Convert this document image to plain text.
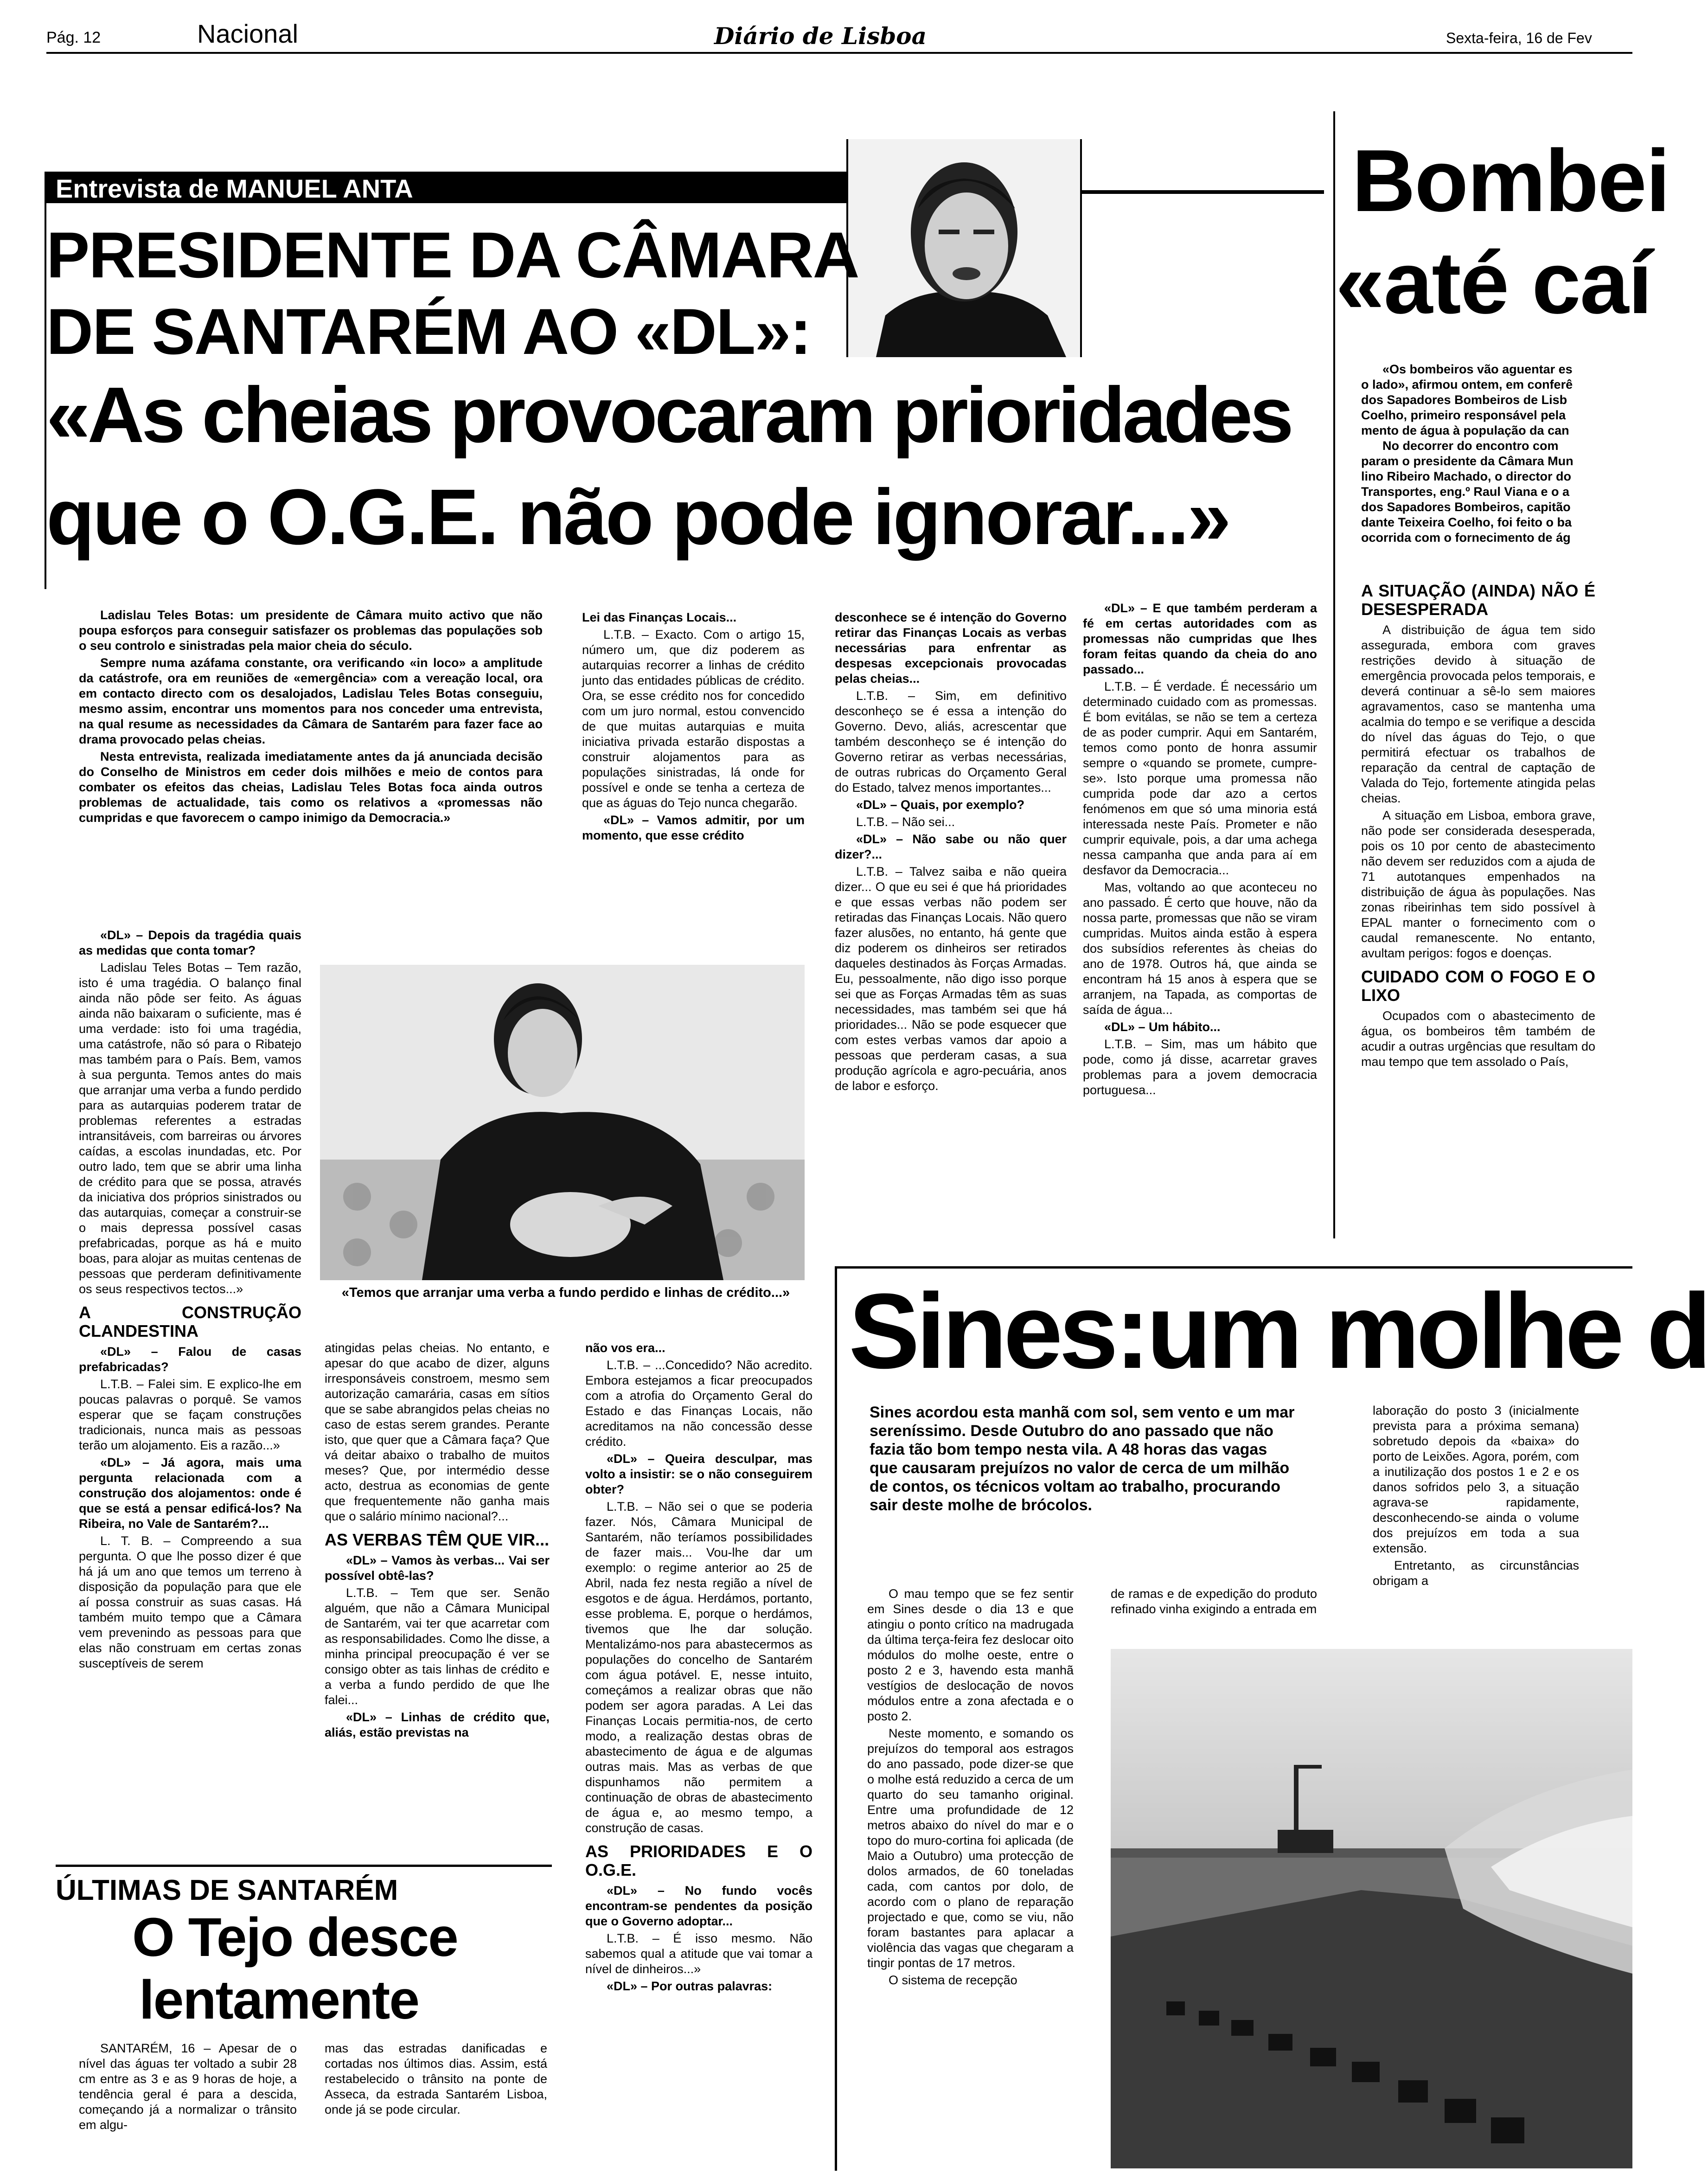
Pág. 12	Nacional	Diário de Lisboa	Sexta-feira, 16 de Fev
Entrevista de MANUEL ANTA
PRESIDENTE DA CÂMARA
DE SANTARÉM AO «DL»:
«As cheias provocaram prioridades
que o O.G.E. não pode ignorar...»

Ladislau Teles Botas: um presidente de Câmara muito activo que não poupa esforços para conseguir satisfazer os problemas das populações sob o seu controlo e sinistradas pela maior cheia do século.

Sempre numa azáfama constante, ora verificando «in loco» a amplitude da catástrofe, ora em reuniões de «emergência» com a vereação local, ora em contacto directo com os desalojados, Ladislau Teles Botas conseguiu, mesmo assim, encontrar uns momentos para nos conceder uma entrevista, na qual resume as necessidades da Câmara de Santarém para fazer face ao drama provocado pelas cheias.

Nesta entrevista, realizada imediatamente antes da já anunciada decisão do Conselho de Ministros em ceder dois milhões e meio de contos para combater os efeitos das cheias, Ladislau Teles Botas foca ainda outros problemas de actualidade, tais como os relativos a «promessas não cumpridas e que favorecem o campo inimigo da Democracia.»

«DL» – Depois da tragédia quais as medidas que conta tomar?

Ladislau Teles Botas – Tem razão, isto é uma tragédia. O balanço final ainda não pôde ser feito. As águas ainda não baixaram o suficiente, mas é uma verdade: isto foi uma tragédia, uma catástrofe, não só para o Ribatejo mas também para o País. Bem, vamos à sua pergunta. Temos antes do mais que arranjar uma verba a fundo perdido para as autarquias poderem tratar de problemas referentes a estradas intransitáveis, com barreiras ou árvores caídas, a escolas inundadas, etc. Por outro lado, tem que se abrir uma linha de crédito para que se possa, através da iniciativa dos próprios sinistrados ou das autarquias, começar a construir-se o mais depressa possível casas prefabricadas, porque as há e muito boas, para alojar as muitas centenas de pessoas que perderam definitivamente os seus respectivos tectos...»

A CONSTRUÇÃO CLANDESTINA

«DL» – Falou de casas prefabricadas?

L.T.B. – Falei sim. E explico-lhe em poucas palavras o porquê. Se vamos esperar que se façam construções tradicionais, nunca mais as pessoas terão um alojamento. Eis a razão...»

«DL» – Já agora, mais uma pergunta relacionada com a construção dos alojamentos: onde é que se está a pensar edificá-los? Na Ribeira, no Vale de Santarém?...

L. T. B. – Compreendo a sua pergunta. O que lhe posso dizer é que há já um ano que temos um terreno à disposição da população para que ele aí possa construir as suas casas. Há também muito tempo que a Câmara vem prevenindo as pessoas para que elas não construam em certas zonas susceptíveis de serem

Lei das Finanças Locais...

L.T.B. – Exacto. Com o artigo 15, número um, que diz poderem as autarquias recorrer a linhas de crédito junto das entidades públicas de crédito. Ora, se esse crédito nos for concedido com um juro normal, estou convencido de que muitas autarquias e muita iniciativa privada estarão dispostas a construir alojamentos para as populações sinistradas, lá onde for possível e onde se tenha a certeza de que as águas do Tejo nunca chegarão.

«DL» – Vamos admitir, por um momento, que esse crédito

desconhece se é intenção do Governo retirar das Finanças Locais as verbas necessárias para enfrentar as despesas excepcionais provocadas pelas cheias...

L.T.B. – Sim, em definitivo desconheço se é essa a intenção do Governo. Devo, aliás, acrescentar que também desconheço se é intenção do Governo retirar as verbas necessárias, de outras rubricas do Orçamento Geral do Estado, talvez menos importantes...

«DL» – Quais, por exemplo?

L.T.B. – Não sei...

«DL» – Não sabe ou não quer dizer?...

L.T.B. – Talvez saiba e não queira dizer... O que eu sei é que há prioridades e que essas verbas não podem ser retiradas das Finanças Locais. Não quero fazer alusões, no entanto, há gente que diz poderem os dinheiros ser retirados daqueles destinados às Forças Armadas. Eu, pessoalmente, não digo isso porque sei que as Forças Armadas têm as suas necessidades, mas também sei que há prioridades... Não se pode esquecer que com estes verbas vamos dar apoio a pessoas que perderam casas, a sua produção agrícola e agro-pecuária, anos de labor e esforço.

«DL» – E que também perderam a fé em certas autoridades com as promessas não cumpridas que lhes foram feitas quando da cheia do ano passado...

L.T.B. – É verdade. É necessário um determinado cuidado com as promessas. É bom evitálas, se não se tem a certeza de as poder cumprir. Aqui em Santarém, temos como ponto de honra assumir sempre o «quando se promete, cumpre-se». Isto porque uma promessa não cumprida pode dar azo a certos fenómenos em que só uma minoria está interessada neste País. Prometer e não cumprir equivale, pois, a dar uma achega nessa campanha que anda para aí em desfavor da Democracia...

Mas, voltando ao que aconteceu no ano passado. É certo que houve, não da nossa parte, promessas que não se viram cumpridas. Muitos ainda estão à espera dos subsídios referentes às cheias do ano de 1978. Outros há, que ainda se encontram há 15 anos à espera que se arranjem, na Tapada, as comportas de saída de água...

«DL» – Um hábito...

L.T.B. – Sim, mas um hábito que pode, como já disse, acarretar graves problemas para a jovem democracia portuguesa...

«Temos que arranjar uma verba a fundo perdido e linhas de crédito...»

atingidas pelas cheias. No entanto, e apesar do que acabo de dizer, alguns irresponsáveis constroem, mesmo sem autorização camarária, casas em sítios que se sabe abrangidos pelas cheias no caso de estas serem grandes. Perante isto, que quer que a Câmara faça? Que vá deitar abaixo o trabalho de muitos meses? Que, por intermédio desse acto, destrua as economias de gente que frequentemente não ganha mais que o salário mínimo nacional?...

AS VERBAS TÊM QUE VIR...

«DL» – Vamos às verbas... Vai ser possível obtê-las?

L.T.B. – Tem que ser. Senão alguém, que não a Câmara Municipal de Santarém, vai ter que acarretar com as responsabilidades. Como lhe disse, a minha principal preocupação é ver se consigo obter as tais linhas de crédito e a verba a fundo perdido de que lhe falei...

«DL» – Linhas de crédito que, aliás, estão previstas na

não vos era...

L.T.B. – ...Concedido? Não acredito. Embora estejamos a ficar preocupados com a atrofia do Orçamento Geral do Estado e das Finanças Locais, não acreditamos na não concessão desse crédito.

«DL» – Queira desculpar, mas volto a insistir: se o não conseguirem obter?

L.T.B. – Não sei o que se poderia fazer. Nós, Câmara Municipal de Santarém, não teríamos possibilidades de fazer mais... Vou-lhe dar um exemplo: o regime anterior ao 25 de Abril, nada fez nesta região a nível de esgotos e de água. Herdámos, portanto, esse problema. E, porque o herdámos, tivemos que lhe dar solução. Mentalizámo-nos para abastecermos as populações do concelho de Santarém com água potável. E, nesse intuito, começámos a realizar obras que não podem ser agora paradas. A Lei das Finanças Locais permitia-nos, de certo modo, a realização destas obras de abastecimento de água e de algumas outras mais. Mas as verbas de que dispunhamos não permitem a continuação de obras de abastecimento de água e, ao mesmo tempo, a construção de casas.

AS PRIORIDADES E O O.G.E.

«DL» – No fundo vocês encontram-se pendentes da posição que o Governo adoptar...

L.T.B. – É isso mesmo. Não sabemos qual a atitude que vai tomar a nível de dinheiros...»

«DL» – Por outras palavras:

ÚLTIMAS DE SANTARÉM
O Tejo desce
lentamente

SANTARÉM, 16 – Apesar de o nível das águas ter voltado a subir 28 cm entre as 3 e as 9 horas de hoje, a tendência geral é para a descida, começando já a normalizar o trânsito em algu-

mas das estradas danificadas e cortadas nos últimos dias. Assim, está restabelecido o trânsito na ponte de Asseca, da estrada Santarém Lisboa, onde já se pode circular.

Bombei
«até caí
«Os bombeiros vão aguentar es
o lado», afirmou ontem, em conferê
dos Sapadores Bombeiros de Lisb
Coelho, primeiro responsável pela
mento de água à população da can
No decorrer do encontro com
param o presidente da Câmara Mun
lino Ribeiro Machado, o director do
Transportes, eng.º Raul Viana e o a
dos Sapadores Bombeiros, capitão
dante Teixeira Coelho, foi feito o ba
ocorrida com o fornecimento de ág
A SITUAÇÃO (AINDA) NÃO É DESESPERADA

A distribuição de água tem sido assegurada, embora com graves restrições devido à situação de emergência provocada pelos temporais, e deverá continuar a sê-lo sem maiores agravamentos, caso se mantenha uma acalmia do tempo e se verifique a descida do nível das águas do Tejo, o que permitirá efectuar os trabalhos de reparação da central de captação de Valada do Tejo, fortemente atingida pelas cheias.

A situação em Lisboa, embora grave, não pode ser considerada desesperada, pois os 10 por cento de abastecimento não devem ser reduzidos com a ajuda de 71 autotanques empenhados na distribuição de água às populações. Nas zonas ribeirinhas tem sido possível à EPAL manter o fornecimento com o caudal remanescente. No entanto, avultam perigos: fogos e doenças.

CUIDADO COM O FOGO E O LIXO

Ocupados com o abastecimento de água, os bombeiros têm também de acudir a outras urgências que resultam do mau tempo que tem assolado o País,

Sines:um molhe d

Sines acordou esta manhã com sol, sem vento e um mar sereníssimo. Desde Outubro do ano passado que não fazia tão bom tempo nesta vila. A 48 horas das vagas que causaram prejuízos no valor de cerca de um milhão de contos, os técnicos voltam ao trabalho, procurando sair deste molhe de brócolos.

O mau tempo que se fez sentir em Sines desde o dia 13 e que atingiu o ponto crítico na madrugada da última terça-feira fez deslocar oito módulos do molhe oeste, entre o posto 2 e 3, havendo esta manhã vestígios de deslocação de novos módulos entre a zona afectada e o posto 2.

Neste momento, e somando os prejuízos do temporal aos estragos do ano passado, pode dizer-se que o molhe está reduzido a cerca de um quarto do seu tamanho original. Entre uma profundidade de 12 metros abaixo do nível do mar e o topo do muro-cortina foi aplicada (de Maio a Outubro) uma protecção de dolos armados, de 60 toneladas cada, com cantos por dolo, de acordo com o plano de reparação projectado e que, como se viu, não foram bastantes para aplacar a violência das vagas que chegaram a tingir pontas de 17 metros.

O sistema de recepção

de ramas e de expedição do produto refinado vinha exigindo a entrada em

laboração do posto 3 (inicialmente prevista para a próxima semana) sobretudo depois da «baixa» do porto de Leixões. Agora, porém, com a inutilização dos postos 1 e 2 e os danos sofridos pelo 3, a situação agrava-se rapidamente, desconhecendo-se ainda o volume dos prejuízos em toda a sua extensão.

Entretanto, as circunstâncias obrigam a
